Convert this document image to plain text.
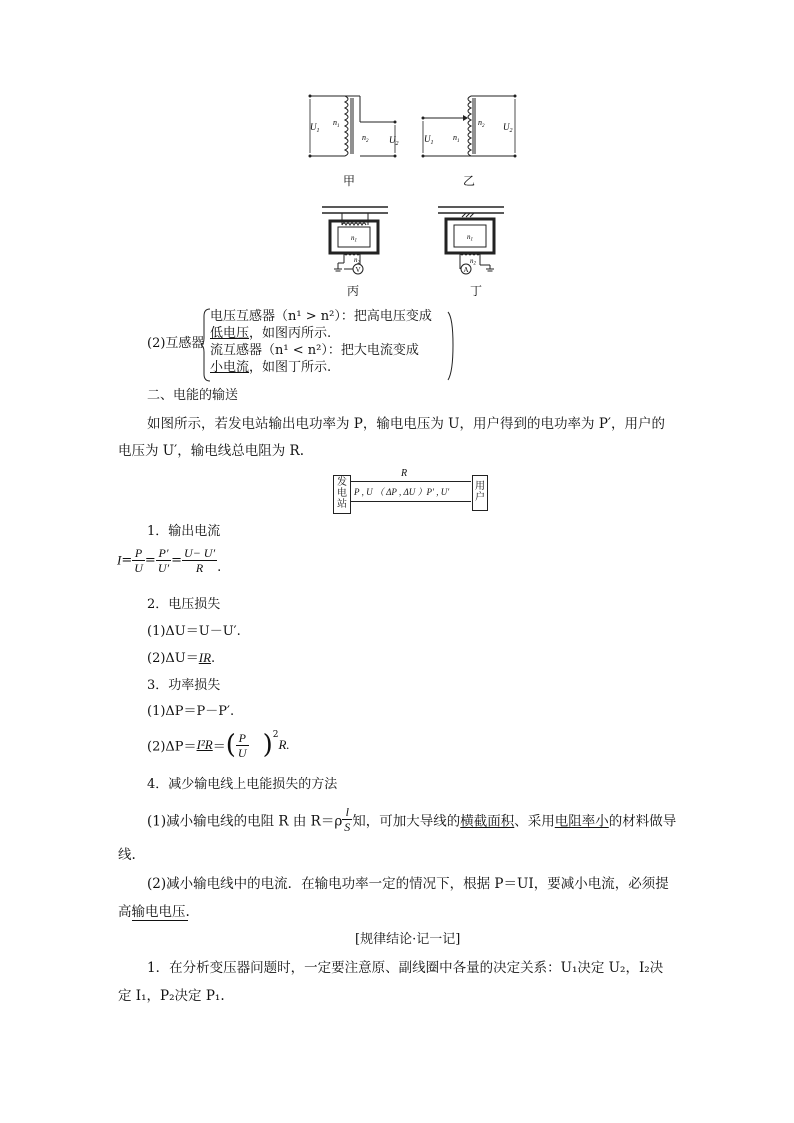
$U_1$
$n_1$
$n_2$ $U_2$
甲
$U_1$
$n_1$
$n_2$ $U_2$
乙
V
$n_1$
$n_2$
丙
A
$n_1$
$n_2$
丁
(2)互感器
电压互感器（n¹ > n²）：把高电压变成
低电压，如图丙所示.
流互感器（n¹ < n²）：把大电流变成
小电流，如图丁所示.
二、电能的输送
如图所示，若发电站输出电功率为 P，输电电压为 U，用户得到的电功率为 P′，用户的
电压为 U′，输电线总电阻为 R.
发
电
站
R
P , U （ ΔP , ΔU ）P′ , U′	用
户
1．输出电流
$I= \frac{P}{U} = \frac{P'}{U'} = \frac{U- U'}{R}$ .
2．电压损失
(1)ΔU＝U－U′.
(2)ΔU＝IR.
3．功率损失
(1)ΔP＝P－P′.
$(2)\Delta P=I^2R=( \frac{P}{U} )^2R$.
4．减少输电线上电能损失的方法
(1)减小输电线的电阻 R 由 $R=\rho \frac{l}{S}$ 知，可加大导线的横截面积、采用电阻率小的材料做导
线.
(2)减小输电线中的电流．在输电功率一定的情况下，根据 P＝UI，要减小电流，必须提
高输电电压.
[规律结论·记一记]
1．在分析变压器问题时，一定要注意原、副线圈中各量的决定关系：U₁决定 U₂，I₂决
定 I₁，P₂决定 P₁.
